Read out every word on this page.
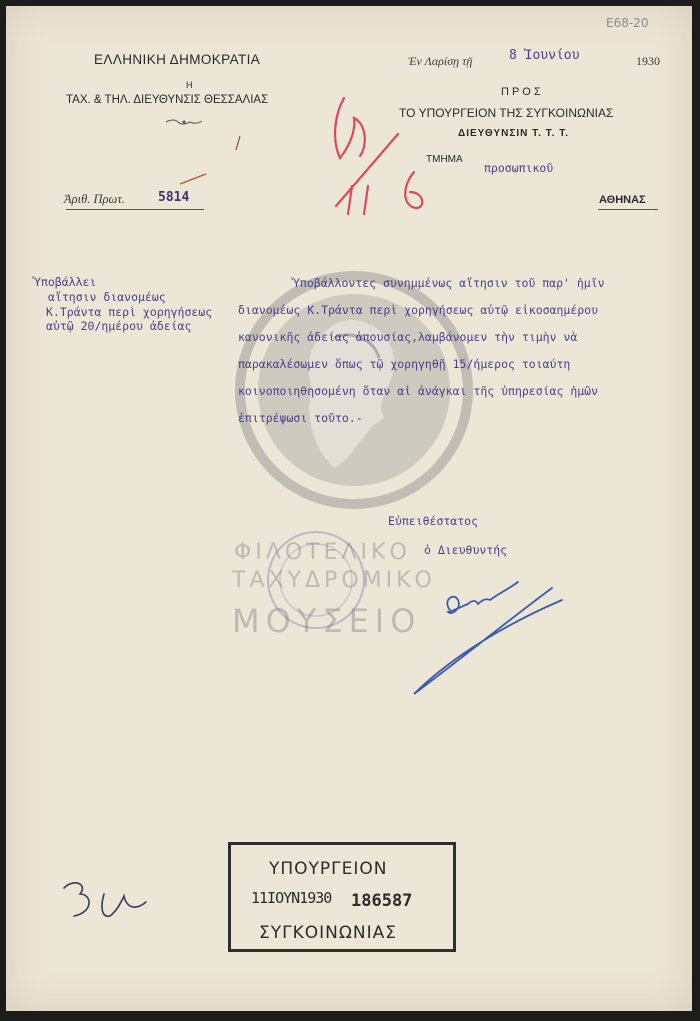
Ε68-20
ΕΛΛΗΝΙΚΗ ΔΗΜΟΚΡΑΤΙΑ
Η
ΤΑΧ. & ΤΗΛ. ΔΙΕΥΘΥΝΣΙΣ ΘΕΣΣΑΛΙΑΣ
Ἐν Λαρίσῃ τῇ	8 Ἰουνίου	1930
ΠΡΟΣ
ΤΟ ΥΠΟΥΡΓΕΙΟΝ ΤΗΣ ΣΥΓΚΟΙΝΩΝΙΑΣ
ΔΙΕΥΘΥΝΣΙΝ Τ. Τ. Τ.
ΤΜΗΜΑ
προσωπικοῦ
Ἀριθ. Πρωτ.	5814	ΑΘΗΝΑΣ
Ὑποβάλλει
αἴτησιν διανομέως
Κ.Τράντα περὶ χορηγήσεως
αὐτῷ 20/ημέρου ἀδείας
Ὑποβάλλοντες συνημμένως αἴτησιν τοῦ παρ' ἡμῖν
διανομέως Κ.Τράντα περὶ χορηγήσεως αὐτῷ εἰκοσαημέρου
κανονικῆς ἀδείας ἀπουσίας,λαμβάνομεν τὴν τιμὴν νὰ
παρακαλέσωμεν ὅπως τῷ χορηγηθῇ 15/ήμερος τοιαύτη
κοινοποιηθησομένη ὅταν αἱ ἀνάγκαι τῆς ὑπηρεσίας ἡμῶν
ἐπιτρέψωσι τοῦτο.-
Εὐπειθέστατος
ὁ Διευθυντής
ΦΙΛΟΤΕΛΙΚΟ
ΤΑΧΥΔΡΟΜΙΚΟ
ΜΟΥΣΕΙΟ
ΥΠΟΥΡΓΕΙΟΝ
11ΙΟΥΝ1930 186587
ΣΥΓΚΟΙΝΩΝΙΑΣ
